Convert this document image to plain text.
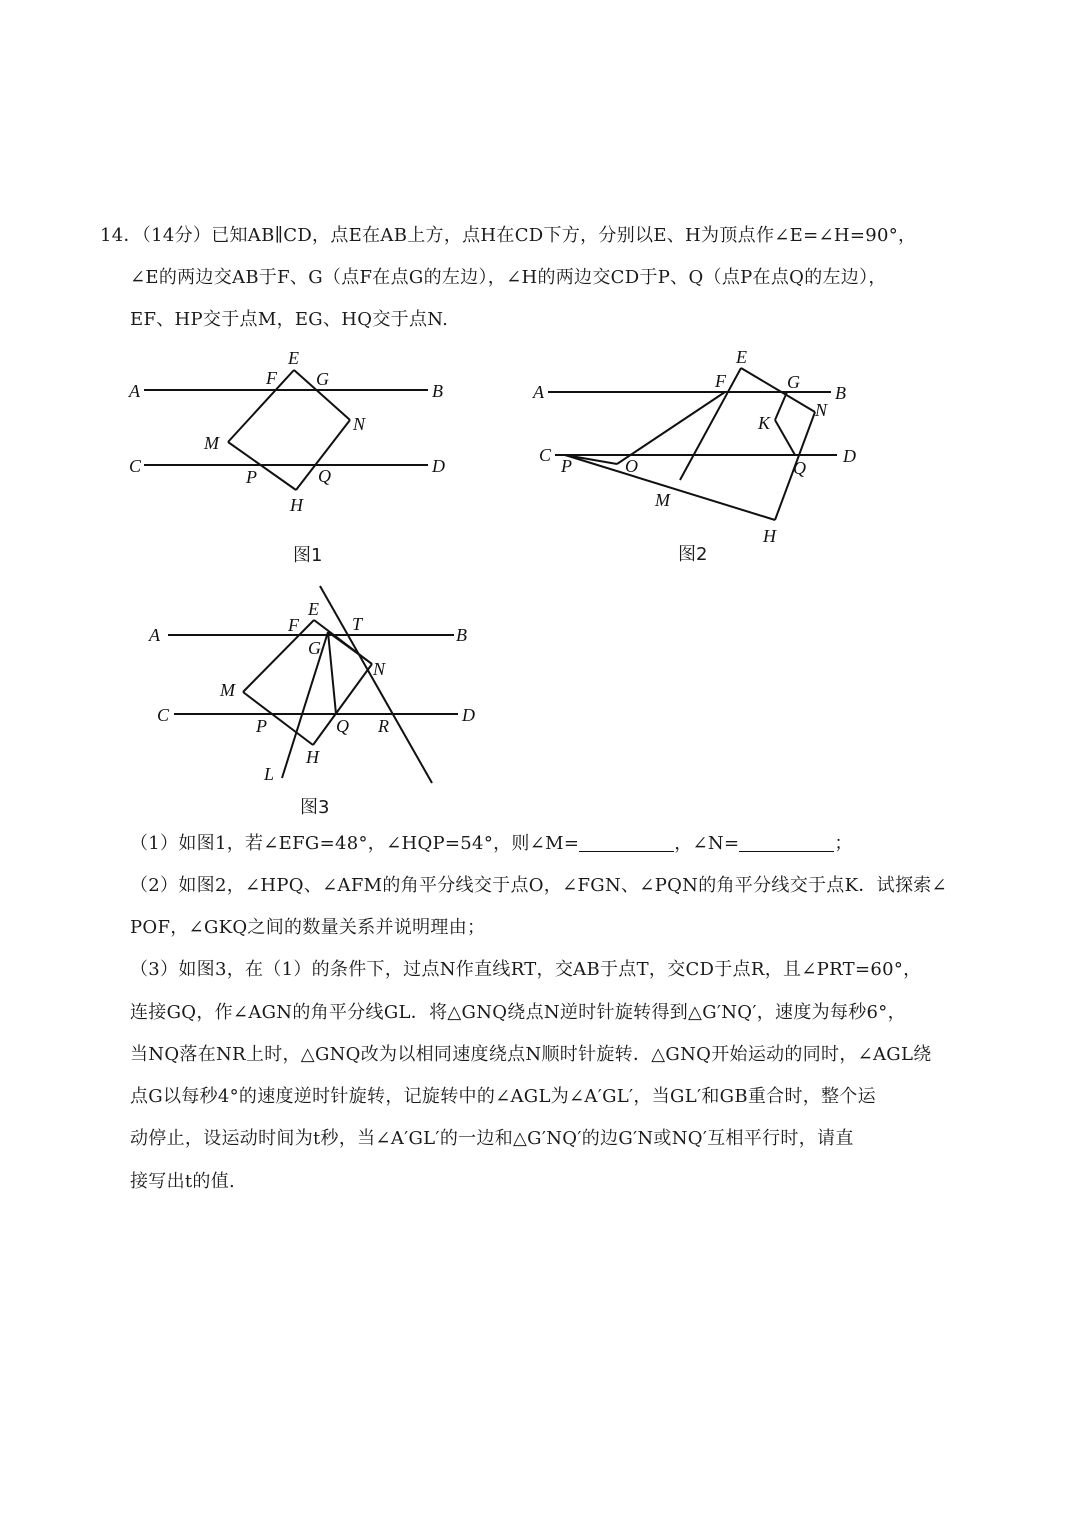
14．（14分）已知AB∥CD，点E在AB上方，点H在CD下方，分别以E、H为顶点作∠E=∠H=90°，
∠E的两边交AB于F、G（点F在点G的左边），∠H的两边交CD于P、Q（点P在点Q的左边），
EF、HP交于点M，EG、HQ交于点N.
A	B
C	D
E
F G
H
M
N
P	Q
图1
A	B
C	D
E
F	G
H
K
M
N
O
P	Q
图2
A	B
C	D
E
F
G
H
L
M
N
P	Q R
T
图3
（1）如图1，若∠EFG=48°，∠HQP=54°，则∠M=	，∠N=	；
（2）如图2，∠HPQ、∠AFM的角平分线交于点O，∠FGN、∠PQN的角平分线交于点K．试探索∠
POF，∠GKQ之间的数量关系并说明理由；
（3）如图3，在（1）的条件下，过点N作直线RT，交AB于点T，交CD于点R，且∠PRT=60°，
连接GQ，作∠AGN的角平分线GL．将△GNQ绕点N逆时针旋转得到△G′NQ′，速度为每秒6°，
当NQ落在NR上时，△GNQ改为以相同速度绕点N顺时针旋转．△GNQ开始运动的同时，∠AGL绕
点G以每秒4°的速度逆时针旋转，记旋转中的∠AGL为∠A′GL′，当GL′和GB重合时，整个运
动停止，设运动时间为t秒，当∠A′GL′的一边和△G′NQ′的边G′N或NQ′互相平行时，请直
接写出t的值.
